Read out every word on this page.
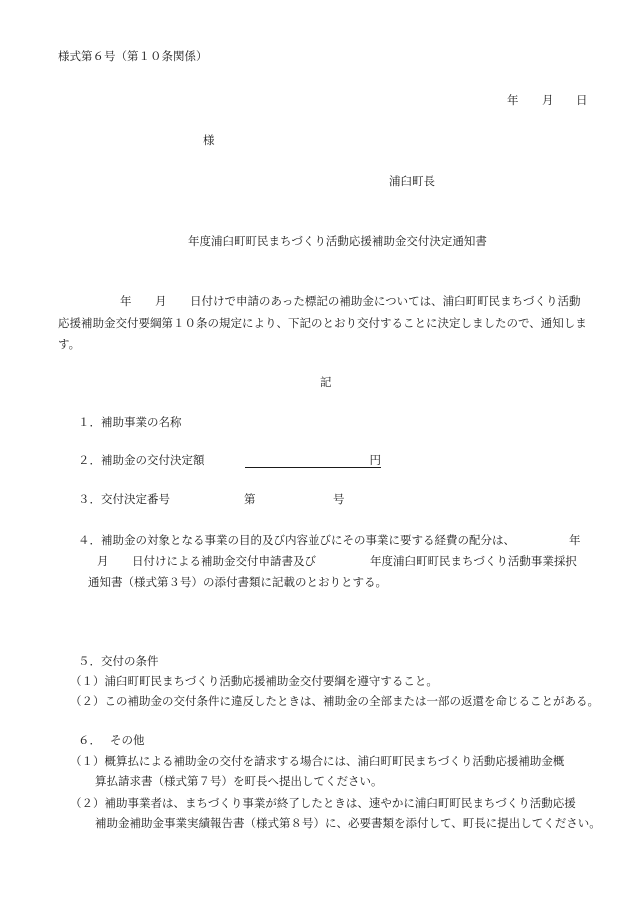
様式第６号（第１０条関係）
年 月 日
様
浦臼町長
年度浦臼町町民まちづくり活動応援補助金交付決定通知書
年 月 日付けで申請のあった標記の補助金については、浦臼町町民まちづくり活動
応援補助金交付要綱第１０条の規定により、下記のとおり交付することに決定しましたので、通知しま
す。
記
１． 補助事業の名称
２． 補助金の交付決定額

	円

３． 交付決定番号	第	号
４． 補助金の対象となる事業の目的及び内容並びにその事業に要する経費の配分は、	年
月 日付けによる補助金交付申請書及び	年度浦臼町町民まちづくり活動事業採択
通知書（様式第３号）の添付書類に記載のとおりとする。
５． 交付の条件
（１）浦臼町町民まちづくり活動応援補助金交付要綱を遵守すること。
（２）この補助金の交付条件に違反したときは、補助金の全部または一部の返還を命じることがある。
６． その他
（１）概算払による補助金の交付を請求する場合には、浦臼町町民まちづくり活動応援補助金概
算払請求書（様式第７号）を町長へ提出してください。
（２）補助事業者は、まちづくり事業が終了したときは、速やかに浦臼町町民まちづくり活動応援
補助金補助金事業実績報告書（様式第８号）に、必要書類を添付して、町長に提出してください。
